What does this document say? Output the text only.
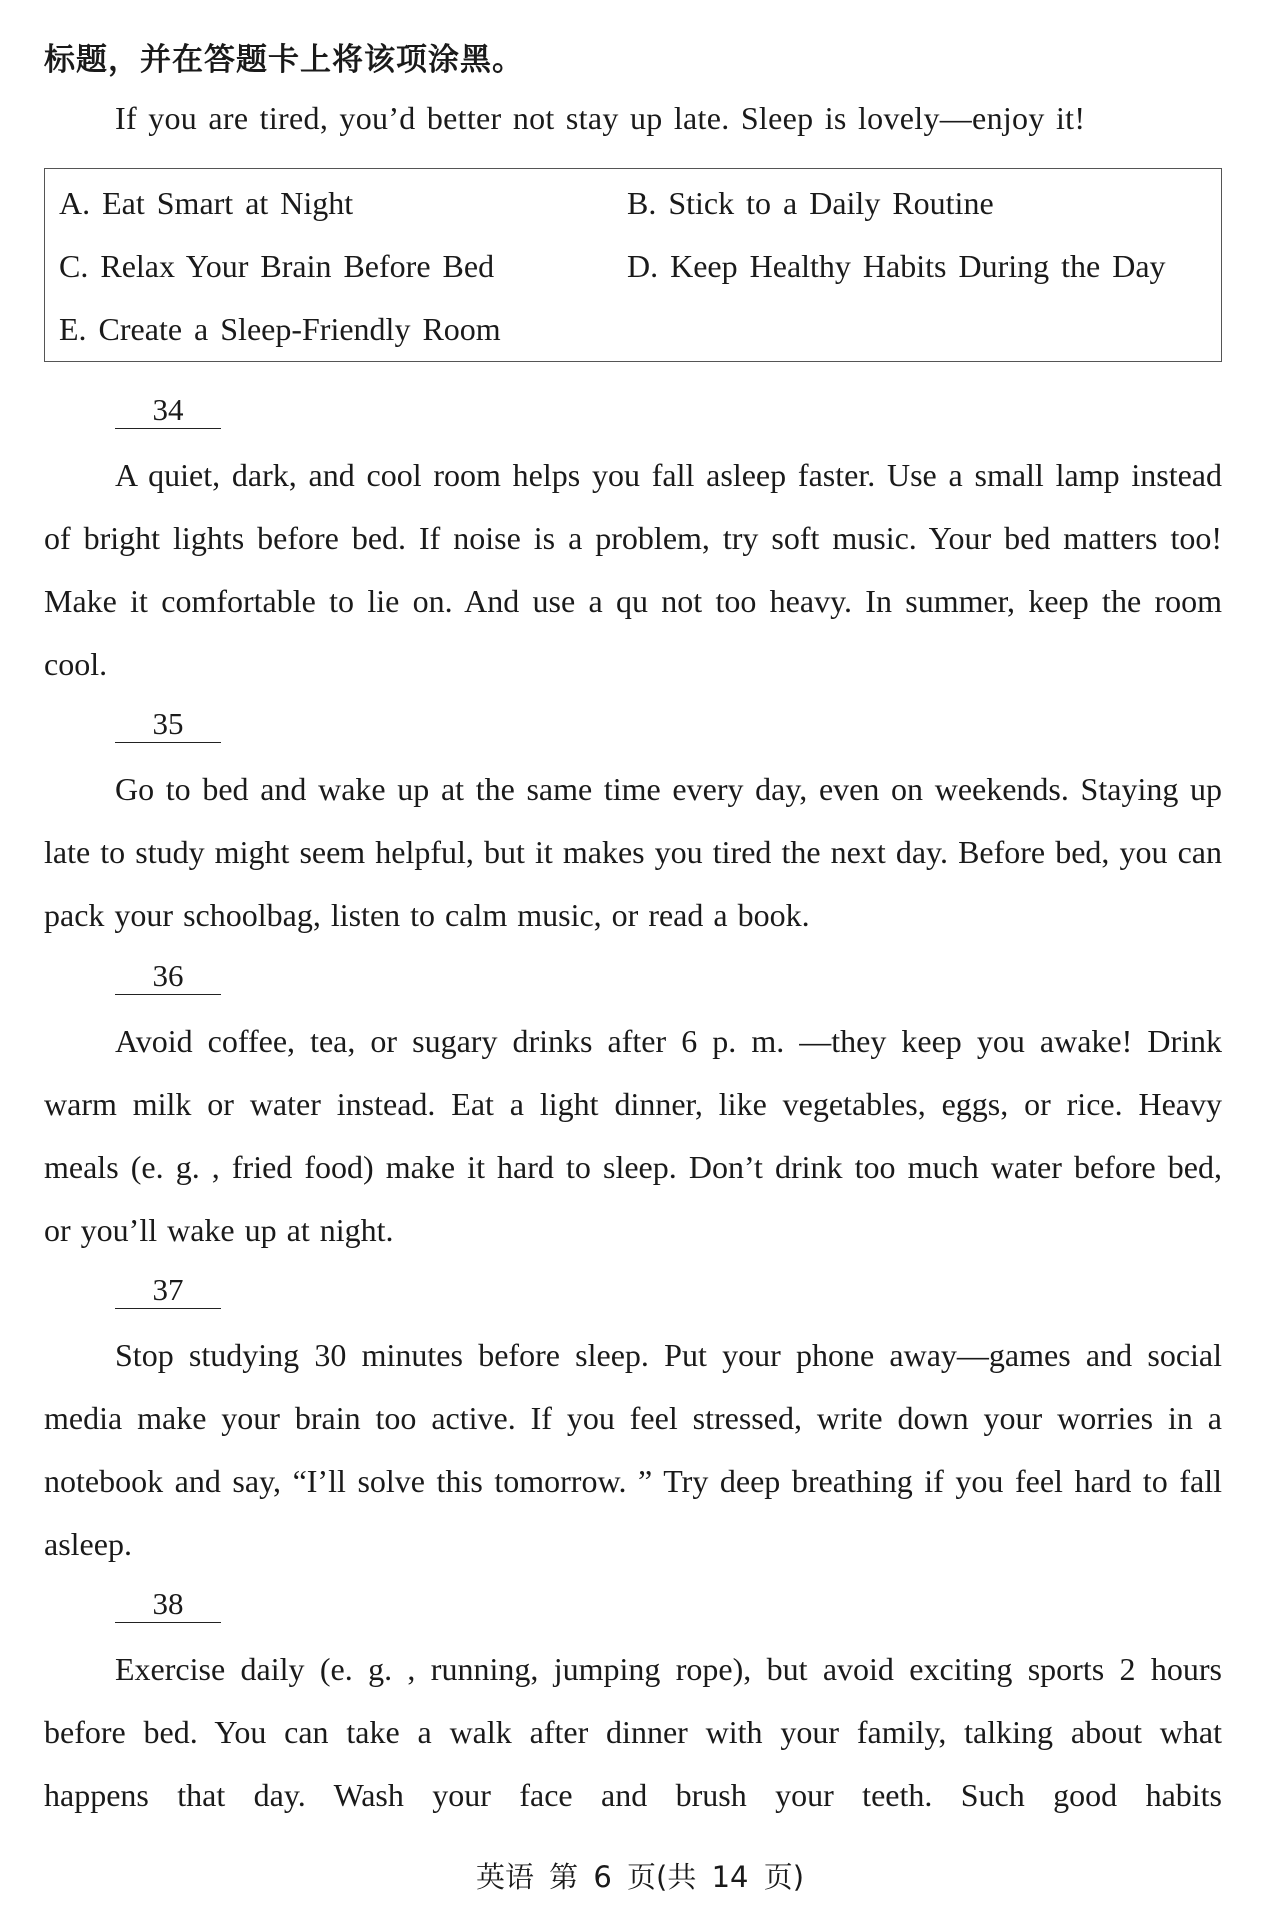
标题，并在答题卡上将该项涂黑。
If you are tired, you’d better not stay up late. Sleep is lovely—enjoy it!
A. Eat Smart at Night	B. Stick to a Daily Routine
C. Relax Your Brain Before Bed	D. Keep Healthy Habits During the Day
E. Create a Sleep-Friendly Room
34
A quiet, dark, and cool room helps you fall asleep faster. Use a small lamp instead of bright lights before bed. If noise is a problem, try soft music. Your bed matters too! Make it comfortable to lie on. And use a qu not too heavy. In summer, keep the room cool.
35
Go to bed and wake up at the same time every day, even on weekends. Staying up late to study might seem helpful, but it makes you tired the next day. Before bed, you can pack your schoolbag, listen to calm music, or read a book.
36
Avoid coffee, tea, or sugary drinks after 6 p. m. —they keep you awake! Drink warm milk or water instead. Eat a light dinner, like vegetables, eggs, or rice. Heavy meals (e. g. , fried food) make it hard to sleep. Don’t drink too much water before bed, or you’ll wake up at night.
37
Stop studying 30 minutes before sleep. Put your phone away—games and social media make your brain too active. If you feel stressed, write down your worries in a notebook and say, “I’ll solve this tomorrow. ” Try deep breathing if you feel hard to fall asleep.
38
Exercise daily (e. g. , running, jumping rope), but avoid exciting sports 2 hours before bed. You can take a walk after dinner with your family, talking about what happens that day. Wash your face and brush your teeth. Such good habits
英语 第 6 页(共 14 页)
